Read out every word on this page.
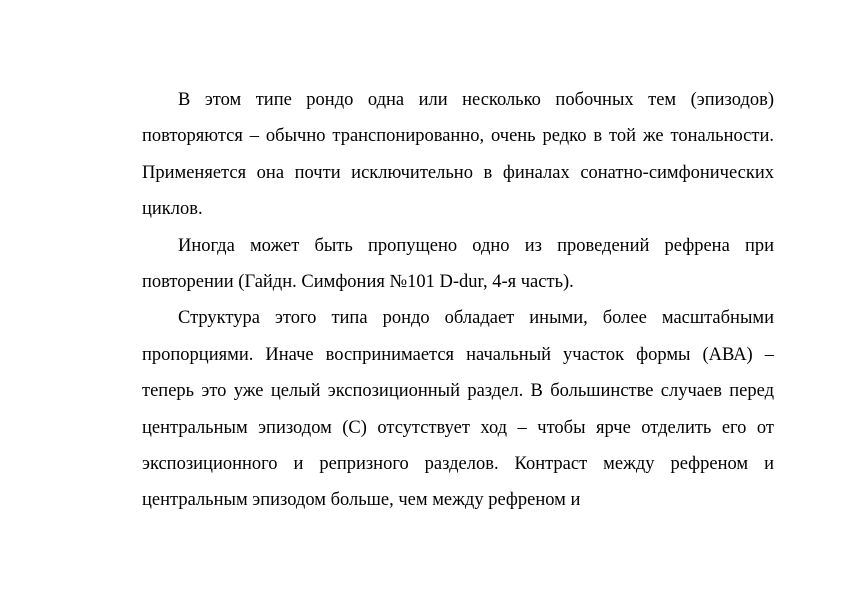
В этом типе рондо одна или несколько побочных тем (эпизодов) повторяются – обычно транспонированно, очень редко в той же тональности. Применяется она почти исключительно в финалах сонатно-симфонических циклов.

Иногда может быть пропущено одно из проведений рефрена при повторении (Гайдн. Симфония №101 D-dur, 4-я часть).

Структура этого типа рондо обладает иными, более масштабными пропорциями. Иначе воспринимается начальный участок формы (АВА) – теперь это уже целый экспозиционный раздел. В большинстве случаев перед центральным эпизодом (С) отсутствует ход – чтобы ярче отделить его от экспозиционного и репризного разделов. Контраст между рефреном и центральным эпизодом больше, чем между рефреном и
